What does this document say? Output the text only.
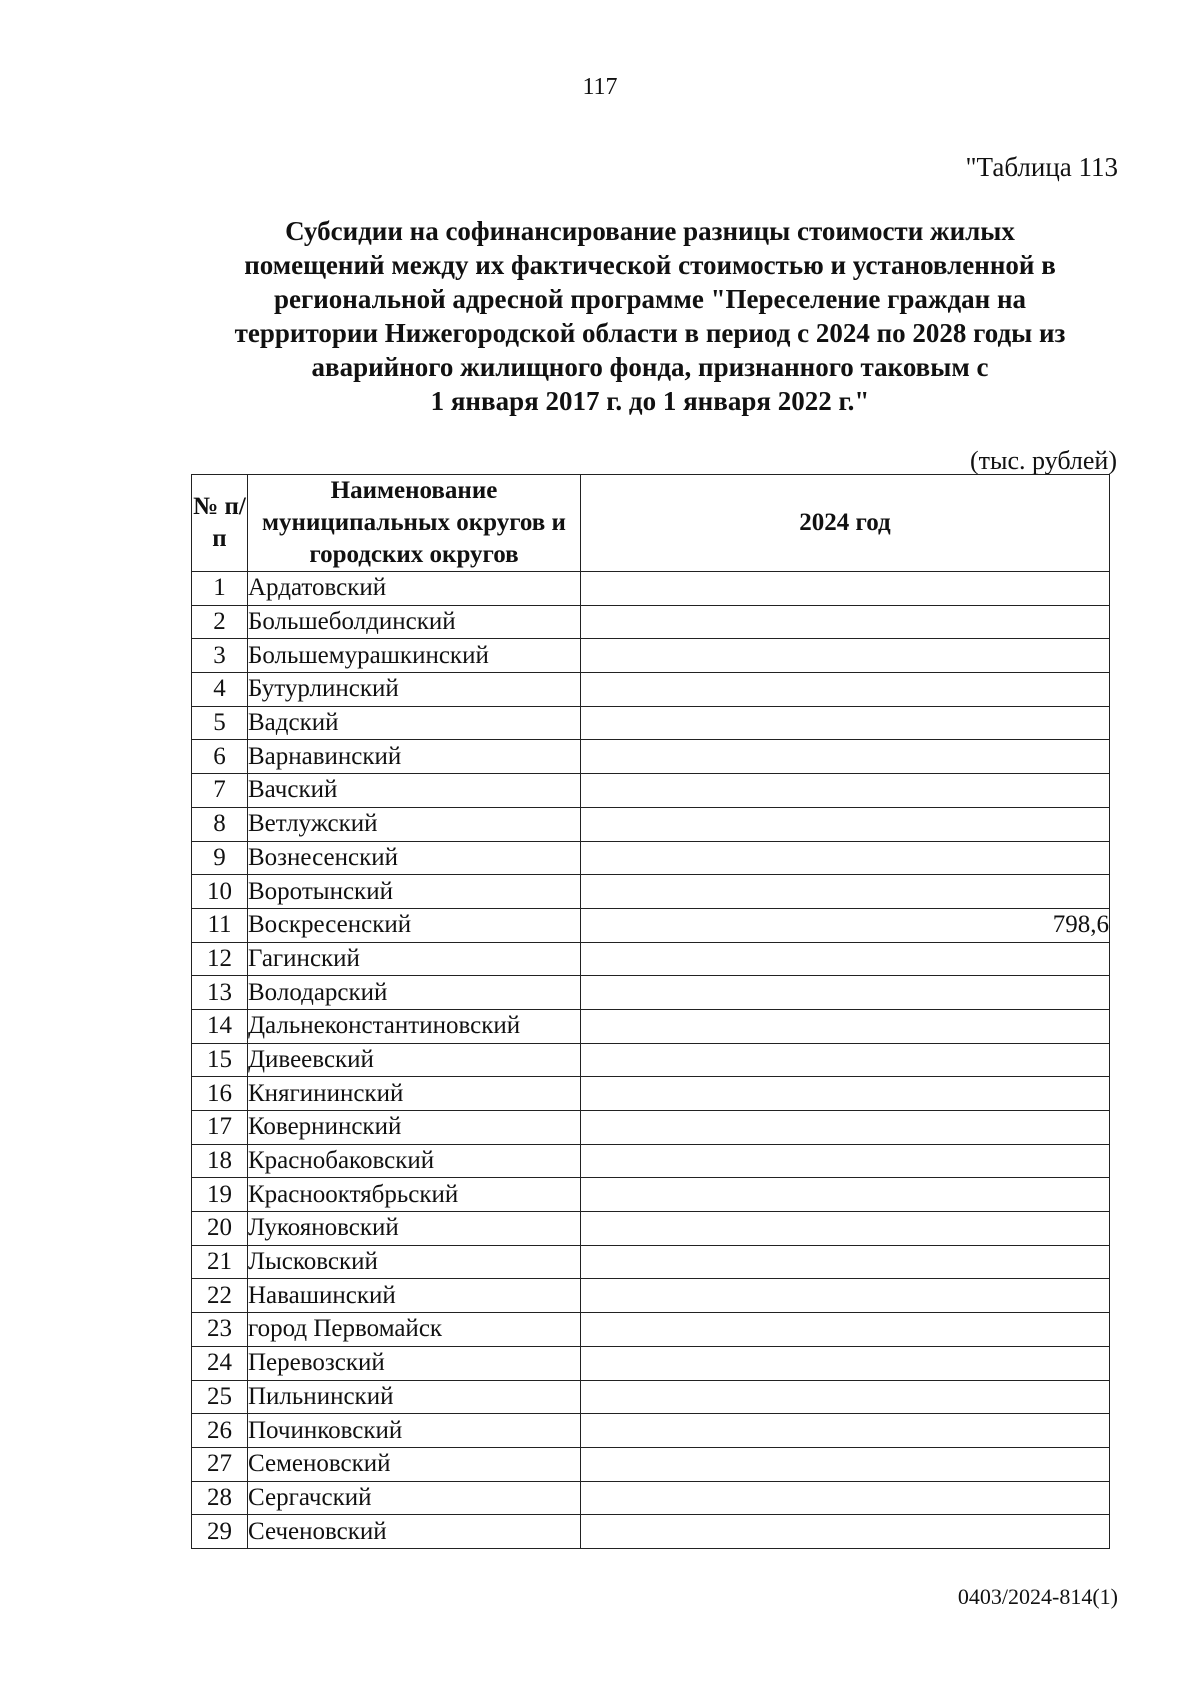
117
"Таблица 113
Субсидии на софинансирование разницы стоимости жилых
помещений между их фактической стоимостью и установленной в
региональной адресной программе "Переселение граждан на
территории Нижегородской области в период с 2024 по 2028 годы из
аварийного жилищного фонда, признанного таковым с
1 января 2017 г. до 1 января 2022 г."
(тыс. рублей)
№ п/п	Наименование муниципальных округов и городских округов	2024 год
1	Ардатовский	
2	Большеболдинский	
3	Большемурашкинский	
4	Бутурлинский	
5	Вадский	
6	Варнавинский	
7	Вачский	
8	Ветлужский	
9	Вознесенский	
10	Воротынский	
11	Воскресенский	798,6
12	Гагинский	
13	Володарский	
14	Дальнеконстантиновский	
15	Дивеевский	
16	Княгининский	
17	Ковернинский	
18	Краснобаковский	
19	Краснооктябрьский	
20	Лукояновский	
21	Лысковский	
22	Навашинский	
23	город Первомайск	
24	Перевозский	
25	Пильнинский	
26	Починковский	
27	Семеновский	
28	Сергачский	
29	Сеченовский	
0403/2024-814(1)
